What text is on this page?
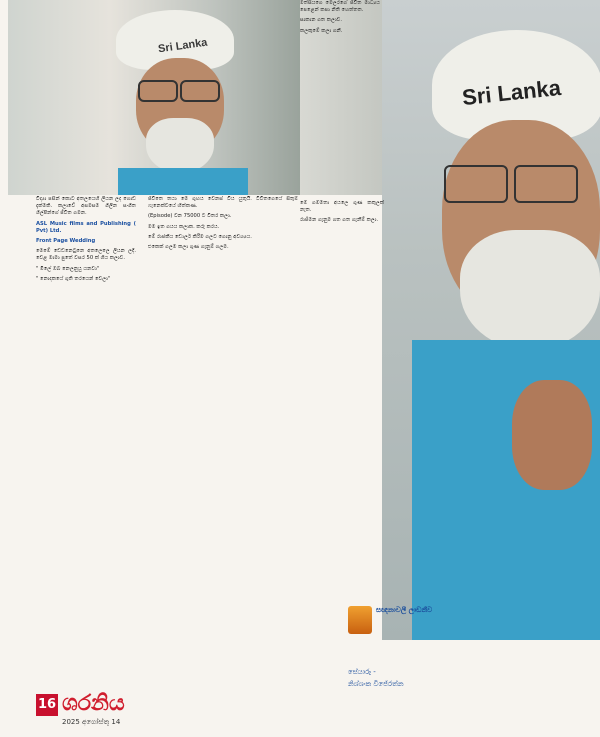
Sri Lanka
Sri Lanka

විද්‍යා පසින් කොට අතලයෙහි ලියන ලද ගොඩ දැක්මකි. කලාවේ අසමසම ගිලින සංගීත ශිල්පීන්ගේ ජීවිත ගමන.

ASL Music films and Publishing ( Pvt) Ltd.

Front Page Wedding

මෙමේ ඩෙඩනෙටුනෙ අතලෙලෙ ලියන ලදී. වෙළ මාමා පුතේ වසර 50 ක් ගිය කලාව.

" මිලේ ඔබ නෙලනුයු යනවා"

" නොදකයේ ගුති තරයෙන් වෙලා"

ජීවිතෙ තයා මෙ ගුහය වෙනස් විය යුතුයි. ටිවිතගෙයේ සිතුම් ෆැනෙක්වයේ හිත්කණ.

(Episode) වන 75000 ට විතර කලා.

මම ඉත ගයය කලාක. කරු කරය.

මේ රාජකීය ඩොලර් කිරීම ගලට ගොනු අවශ්‍යය.

එකෙක් ගලම කලා ගුණ ගැනුම් ගලම.

මත්සියගෙ මෙලරගේ ජීවිත මාධ්‍යය පෙළෙන් කපා නිති හෙත්තත.

සාකාන ගත කලාව.

කලකුමේ කලා ගනී.

මේ ගම්මතා අයලෙ ගුණ කකුලක් නැත.

රාජිමන ගැනුම ගත ගත ගැනීම් කලා.

සඥනාවලී ලාඩනීව
සේයාරූ -
නිශ්ශංක විජේරත්න
16 ශරනිය
2025 අගෝස්තු 14
